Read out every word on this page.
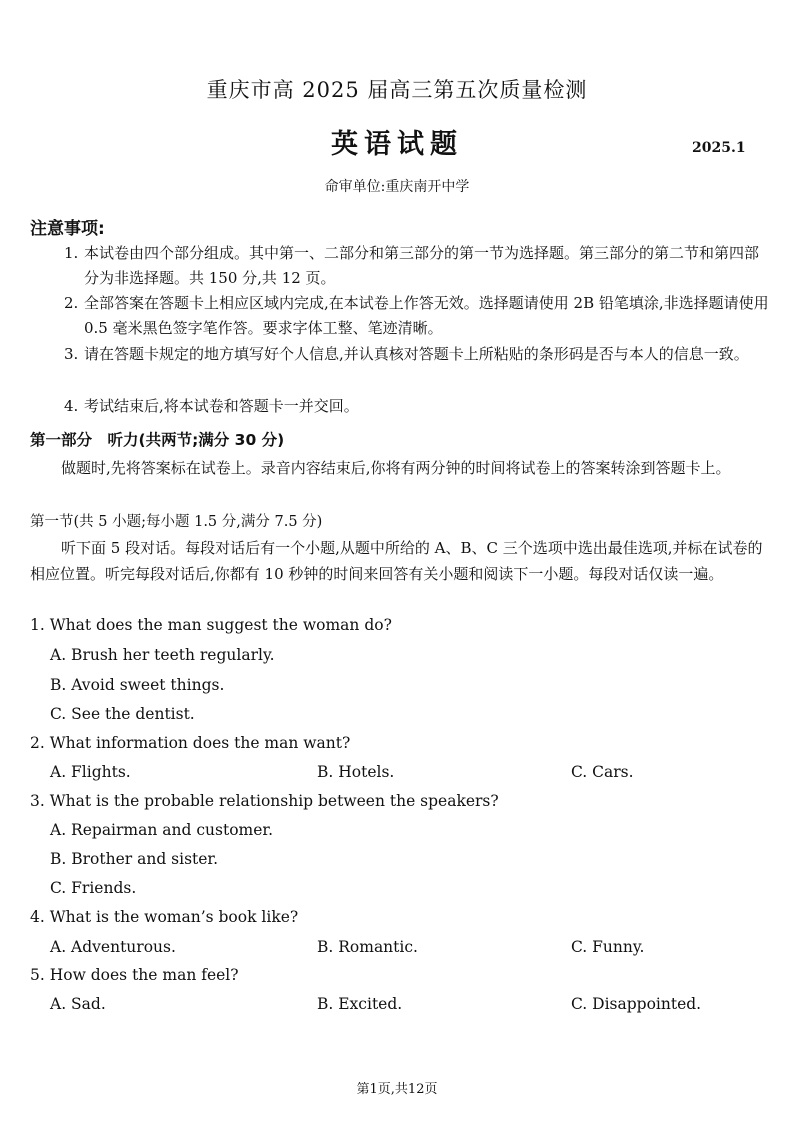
重庆市高 2025 届高三第五次质量检测
英语试题	2025.1
命审单位:重庆南开中学
注意事项:
1. 本试卷由四个部分组成。其中第一、二部分和第三部分的第一节为选择题。第三部分的第二节和第四部分为非选择题。共 150 分,共 12 页。
2. 全部答案在答题卡上相应区域内完成,在本试卷上作答无效。选择题请使用 2B 铅笔填涂,非选择题请使用 0.5 毫米黑色签字笔作答。要求字体工整、笔迹清晰。
3. 请在答题卡规定的地方填写好个人信息,并认真核对答题卡上所粘贴的条形码是否与本人的信息一致。
4. 考试结束后,将本试卷和答题卡一并交回。
第一部分　听力(共两节;满分 30 分)
做题时,先将答案标在试卷上。录音内容结束后,你将有两分钟的时间将试卷上的答案转涂到答题卡上。
第一节(共 5 小题;每小题 1.5 分,满分 7.5 分)
听下面 5 段对话。每段对话后有一个小题,从题中所给的 A、B、C 三个选项中选出最佳选项,并标在试卷的相应位置。听完每段对话后,你都有 10 秒钟的时间来回答有关小题和阅读下一小题。每段对话仅读一遍。
1. What does the man suggest the woman do?
A. Brush her teeth regularly.
B. Avoid sweet things.
C. See the dentist.
2. What information does the man want?
A. Flights.	B. Hotels.	C. Cars.
3. What is the probable relationship between the speakers?
A. Repairman and customer.
B. Brother and sister.
C. Friends.
4. What is the woman’s book like?
A. Adventurous.	B. Romantic.	C. Funny.
5. How does the man feel?
A. Sad.	B. Excited.	C. Disappointed.
第1页,共12页
